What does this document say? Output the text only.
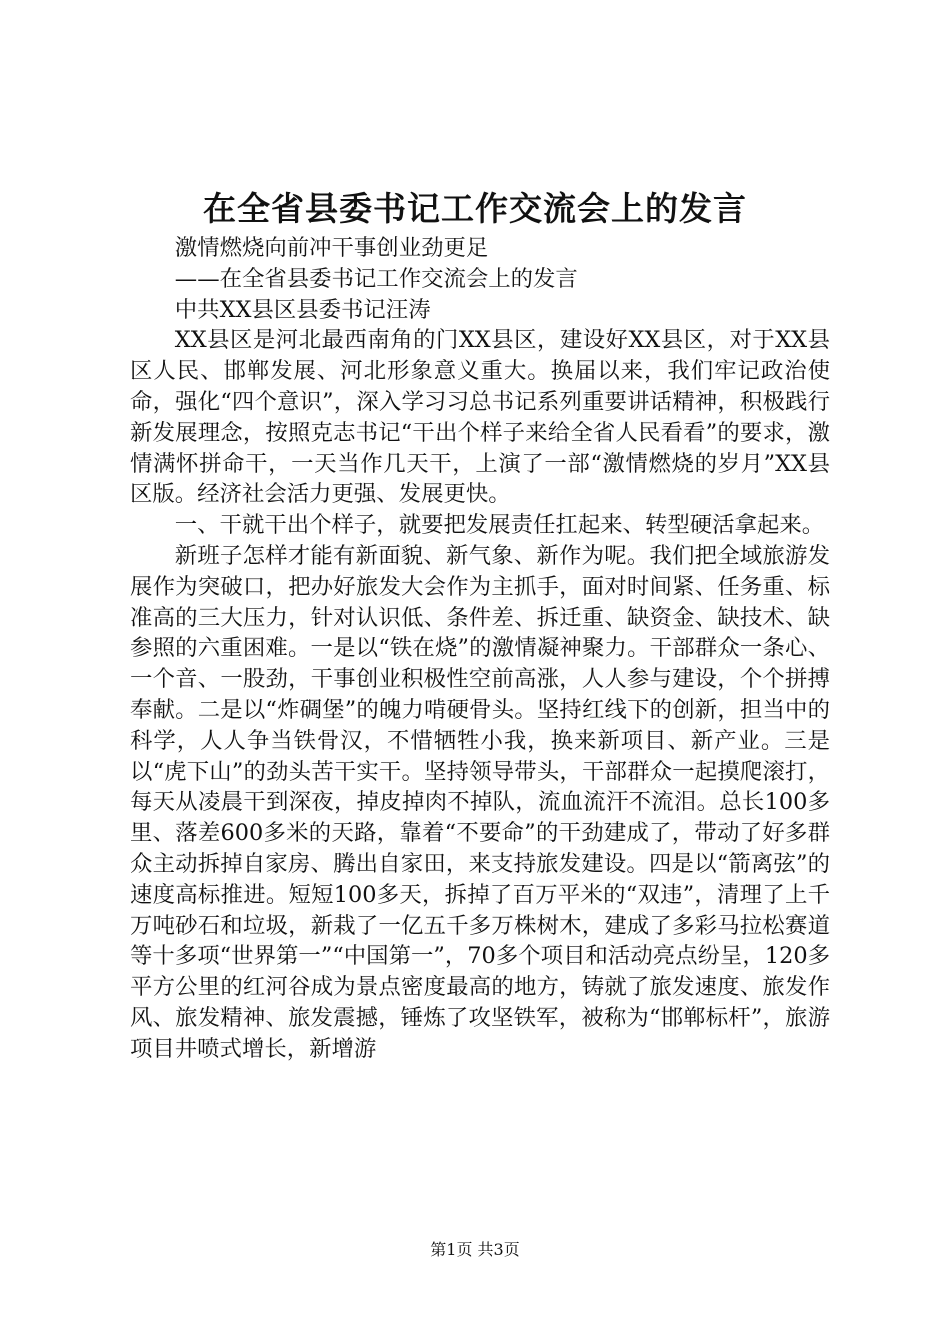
在全省县委书记工作交流会上的发言

激情燃烧向前冲干事创业劲更足

——在全省县委书记工作交流会上的发言

中共XX县区县委书记汪涛

XX县区是河北最西南角的门XX县区，建设好XX县区，对于XX县区人民、邯郸发展、河北形象意义重大。换届以来，我们牢记政治使命，强化“四个意识”，深入学习习总书记系列重要讲话精神，积极践行新发展理念，按照克志书记“干出个样子来给全省人民看看”的要求，激情满怀拼命干，一天当作几天干，上演了一部“激情燃烧的岁月”XX县区版。经济社会活力更强、发展更快。

一、干就干出个样子，就要把发展责任扛起来、转型硬活拿起来。

新班子怎样才能有新面貌、新气象、新作为呢。我们把全域旅游发展作为突破口，把办好旅发大会作为主抓手，面对时间紧、任务重、标准高的三大压力，针对认识低、条件差、拆迁重、缺资金、缺技术、缺参照的六重困难。一是以“铁在烧”的激情凝神聚力。干部群众一条心、一个音、一股劲，干事创业积极性空前高涨，人人参与建设，个个拼搏奉献。二是以“炸碉堡”的魄力啃硬骨头。坚持红线下的创新，担当中的科学，人人争当铁骨汉，不惜牺牲小我，换来新项目、新产业。三是以“虎下山”的劲头苦干实干。坚持领导带头，干部群众一起摸爬滚打，每天从凌晨干到深夜，掉皮掉肉不掉队，流血流汗不流泪。总长100多里、落差600多米的天路，靠着“不要命”的干劲建成了，带动了好多群众主动拆掉自家房、腾出自家田，来支持旅发建设。四是以“箭离弦”的速度高标推进。短短100多天，拆掉了百万平米的“双违”，清理了上千万吨砂石和垃圾，新栽了一亿五千多万株树木，建成了多彩马拉松赛道等十多项“世界第一”“中国第一”，70多个项目和活动亮点纷呈，120多平方公里的红河谷成为景点密度最高的地方，铸就了旅发速度、旅发作风、旅发精神、旅发震撼，锤炼了攻坚铁军，被称为“邯郸标杆”，旅游项目井喷式增长，新增游

第1页 共3页
